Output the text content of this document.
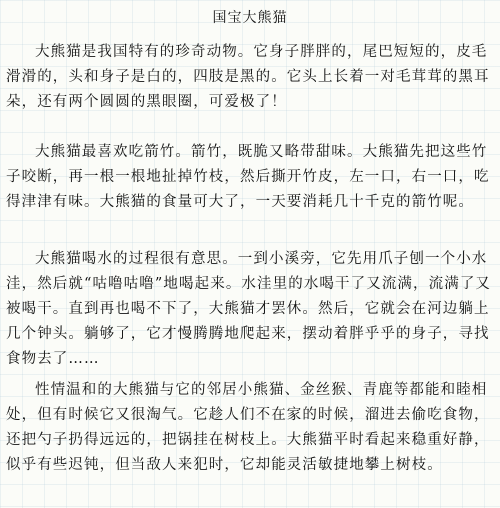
国宝大熊猫

大熊猫是我国特有的珍奇动物。它身子胖胖的，尾巴短短的，皮毛滑滑的，头和身子是白的，四肢是黑的。它头上长着一对毛茸茸的黑耳朵，还有两个圆圆的黑眼圈，可爱极了！

大熊猫最喜欢吃箭竹。箭竹，既脆又略带甜味。大熊猫先把这些竹子咬断，再一根一根地扯掉竹枝，然后撕开竹皮，左一口，右一口，吃得津津有味。大熊猫的食量可大了，一天要消耗几十千克的箭竹呢。

大熊猫喝水的过程很有意思。一到小溪旁，它先用爪子刨一个小水洼，然后就“咕噜咕噜”地喝起来。水洼里的水喝干了又流满，流满了又被喝干。直到再也喝不下了，大熊猫才罢休。然后，它就会在河边躺上几个钟头。躺够了，它才慢腾腾地爬起来，摆动着胖乎乎的身子，寻找食物去了……

性情温和的大熊猫与它的邻居小熊猫、金丝猴、青鹿等都能和睦相处，但有时候它又很淘气。它趁人们不在家的时候，溜进去偷吃食物，还把勺子扔得远远的，把锅挂在树枝上。大熊猫平时看起来稳重好静，似乎有些迟钝，但当敌人来犯时，它却能灵活敏捷地攀上树枝。
